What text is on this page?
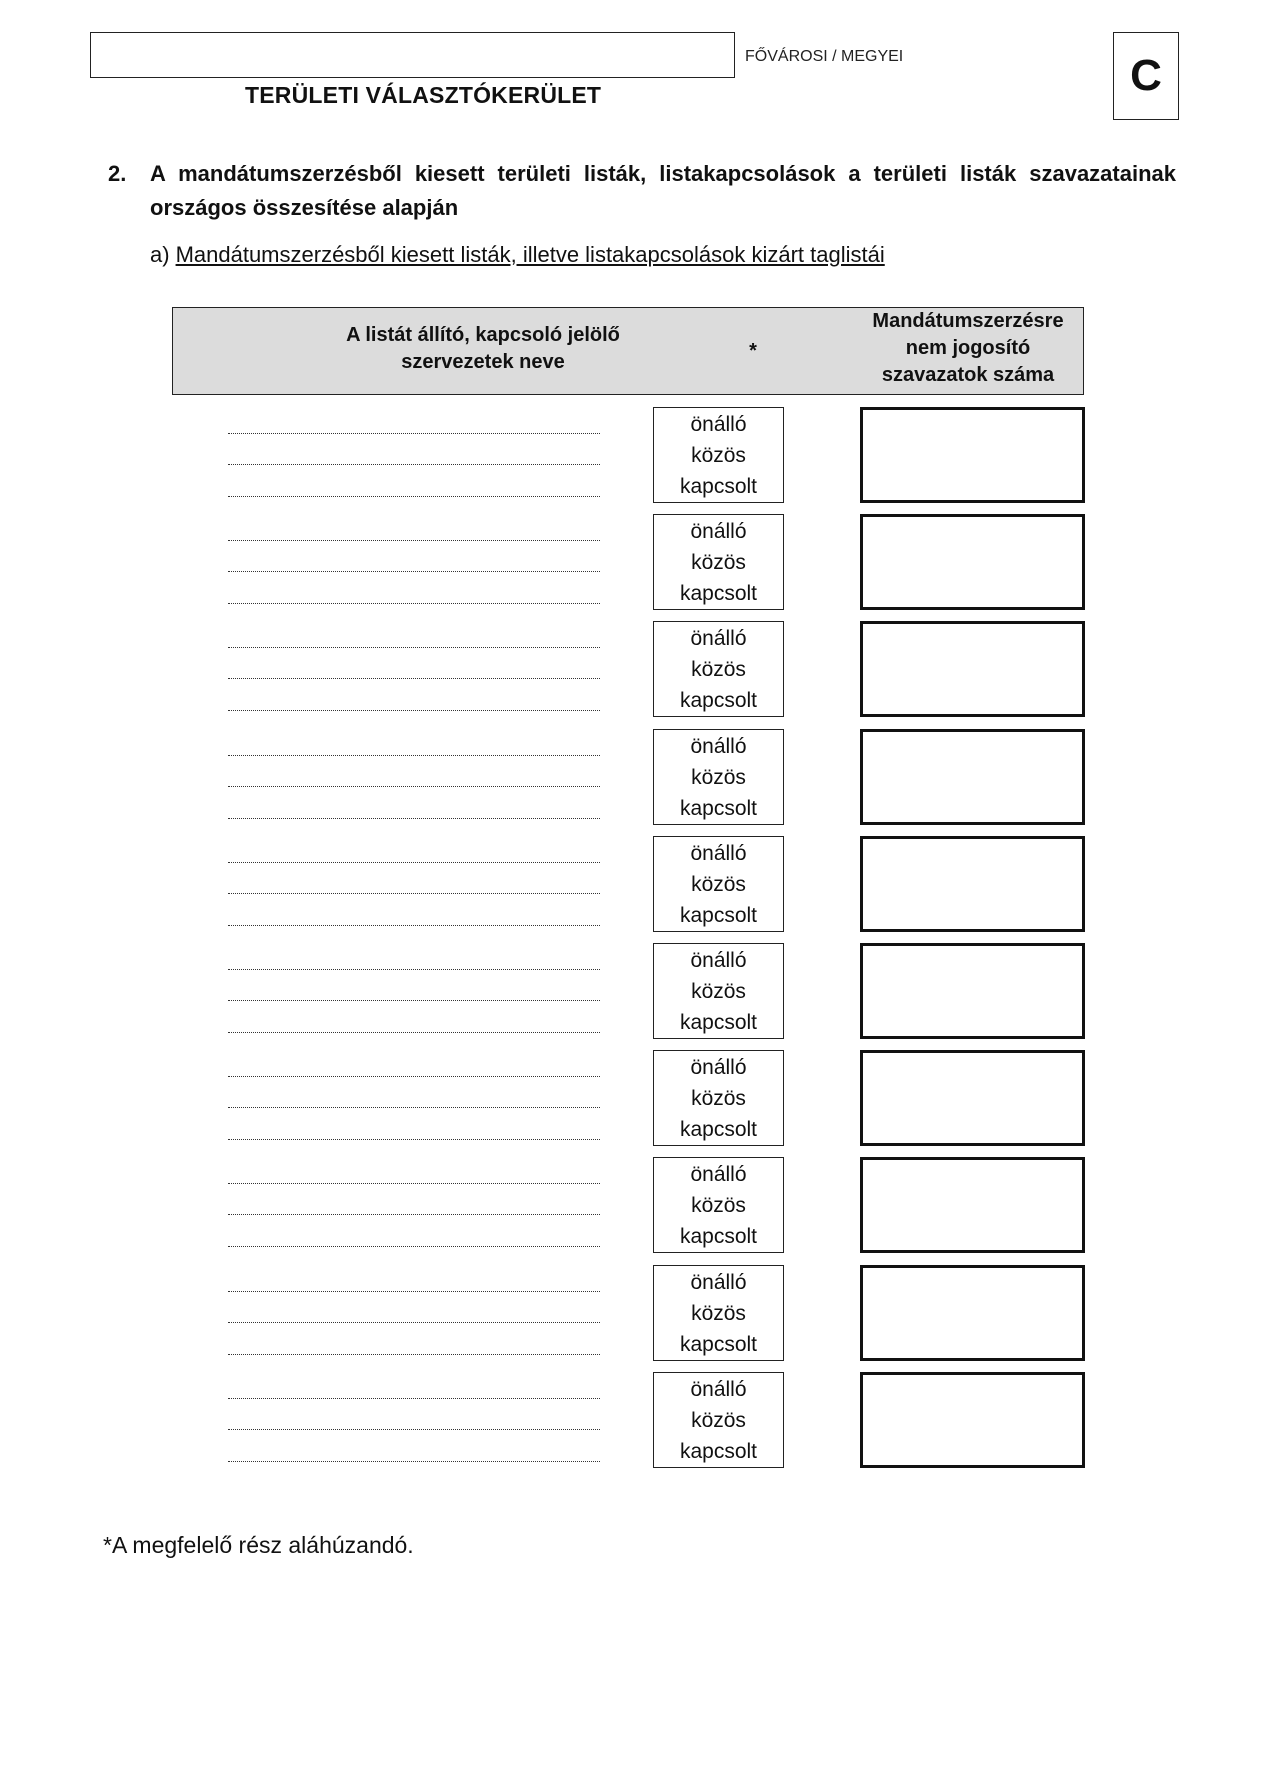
TERÜLETI VÁLASZTÓKERÜLET
FŐVÁROSI / MEGYEI	C
2. A mandátumszerzésből kiesett területi listák, listakapcsolások a területi listák szavazatainak országos összesítése alapján
a) Mandátumszerzésből kiesett listák, illetve listakapcsolások kizárt taglistái
A listát állító, kapcsoló jelölő szervezetek neve	*
Mandátumszerzésre nem jogosító szavazatok száma
önálló
közös
kapcsolt
önálló
közös
kapcsolt
önálló
közös
kapcsolt
önálló
közös
kapcsolt
önálló
közös
kapcsolt
önálló
közös
kapcsolt
önálló
közös
kapcsolt
önálló
közös
kapcsolt
önálló
közös
kapcsolt
önálló
közös
kapcsolt
*A megfelelő rész aláhúzandó.
